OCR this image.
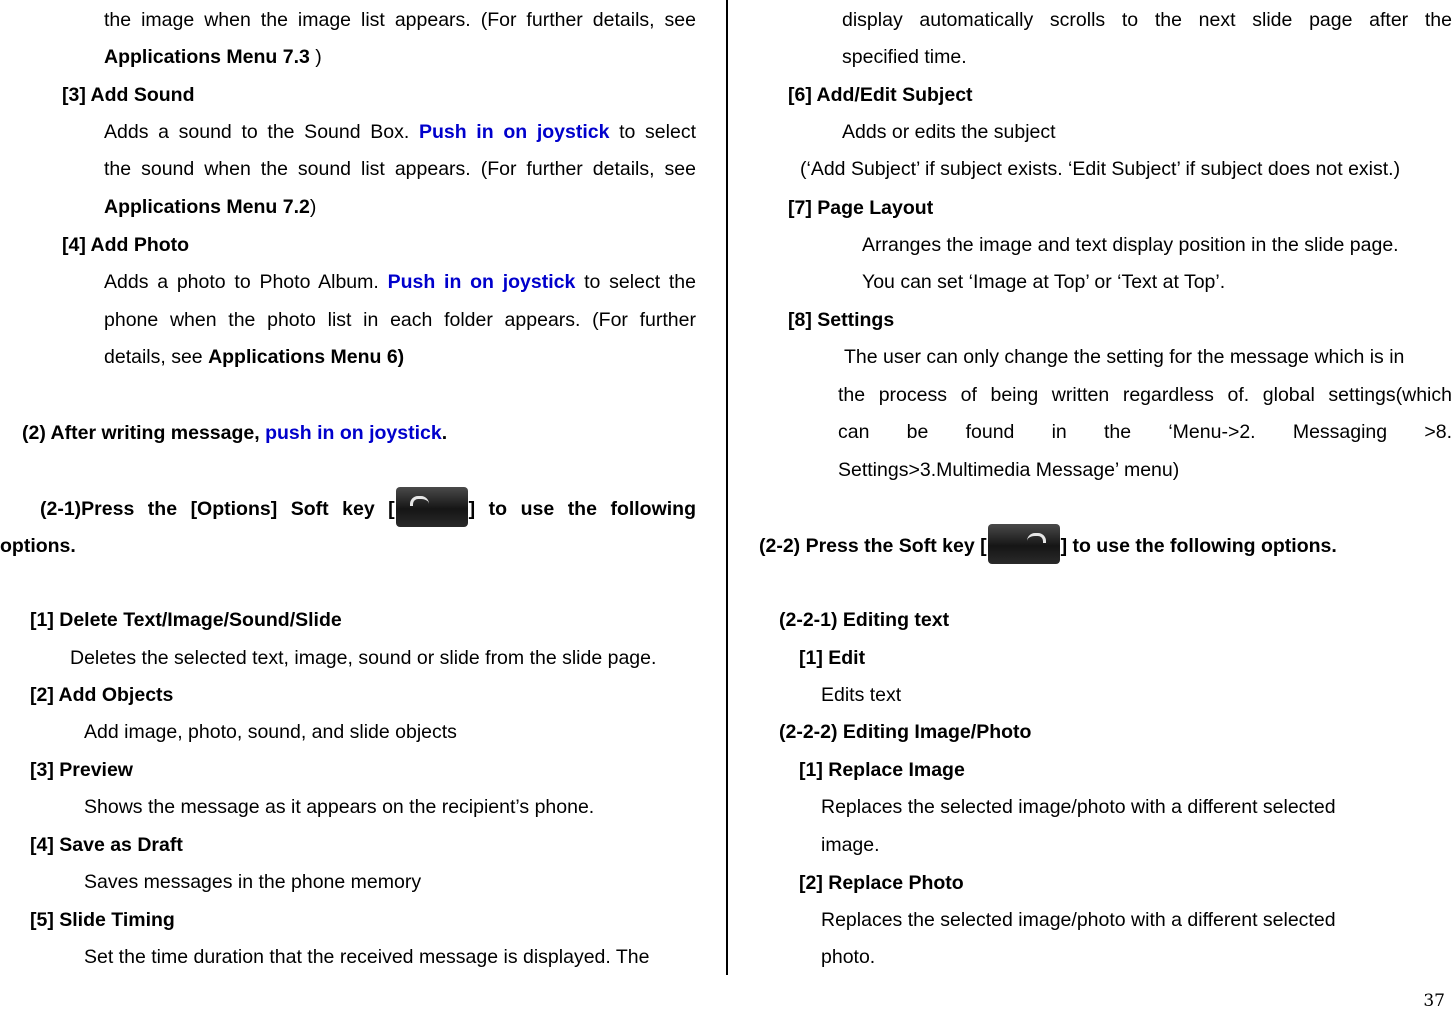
the image when the image list appears. (For further details, see
Applications Menu 7.3 )
[3] Add Sound
Adds a sound to the Sound Box. Push in on joystick to select
the sound when the sound list appears. (For further details, see
Applications Menu 7.2)
[4] Add Photo
Adds a photo to Photo Album. Push in on joystick to select the
phone when the photo list in each folder appears. (For further
details, see Applications Menu 6)
(2) After writing message, push in on joystick.
(2-1)Press the [Options] Soft key [	] to use the following
options.
[1] Delete Text/Image/Sound/Slide
Deletes the selected text, image, sound or slide from the slide page.
[2] Add Objects
Add image, photo, sound, and slide objects
[3] Preview
Shows the message as it appears on the recipient’s phone.
[4] Save as Draft
Saves messages in the phone memory
[5] Slide Timing
Set the time duration that the received message is displayed. The
display automatically scrolls to the next slide page after the
specified time.
[6] Add/Edit Subject
Adds or edits the subject
(‘Add Subject’ if subject exists. ‘Edit Subject’ if subject does not exist.)
[7] Page Layout
Arranges the image and text display position in the slide page.
You can set ‘Image at Top’ or ‘Text at Top’.
[8] Settings
The user can only change the setting for the message which is in
the process of being written regardless of. global settings(which
can be found in the ‘Menu->2. Messaging >8.
Settings>3.Multimedia Message’ menu)
(2-2) Press the Soft key [	] to use the following options.
(2-2-1) Editing text
[1] Edit
Edits text
(2-2-2) Editing Image/Photo
[1] Replace Image
Replaces the selected image/photo with a different selected
image.
[2] Replace Photo
Replaces the selected image/photo with a different selected
photo.
37
